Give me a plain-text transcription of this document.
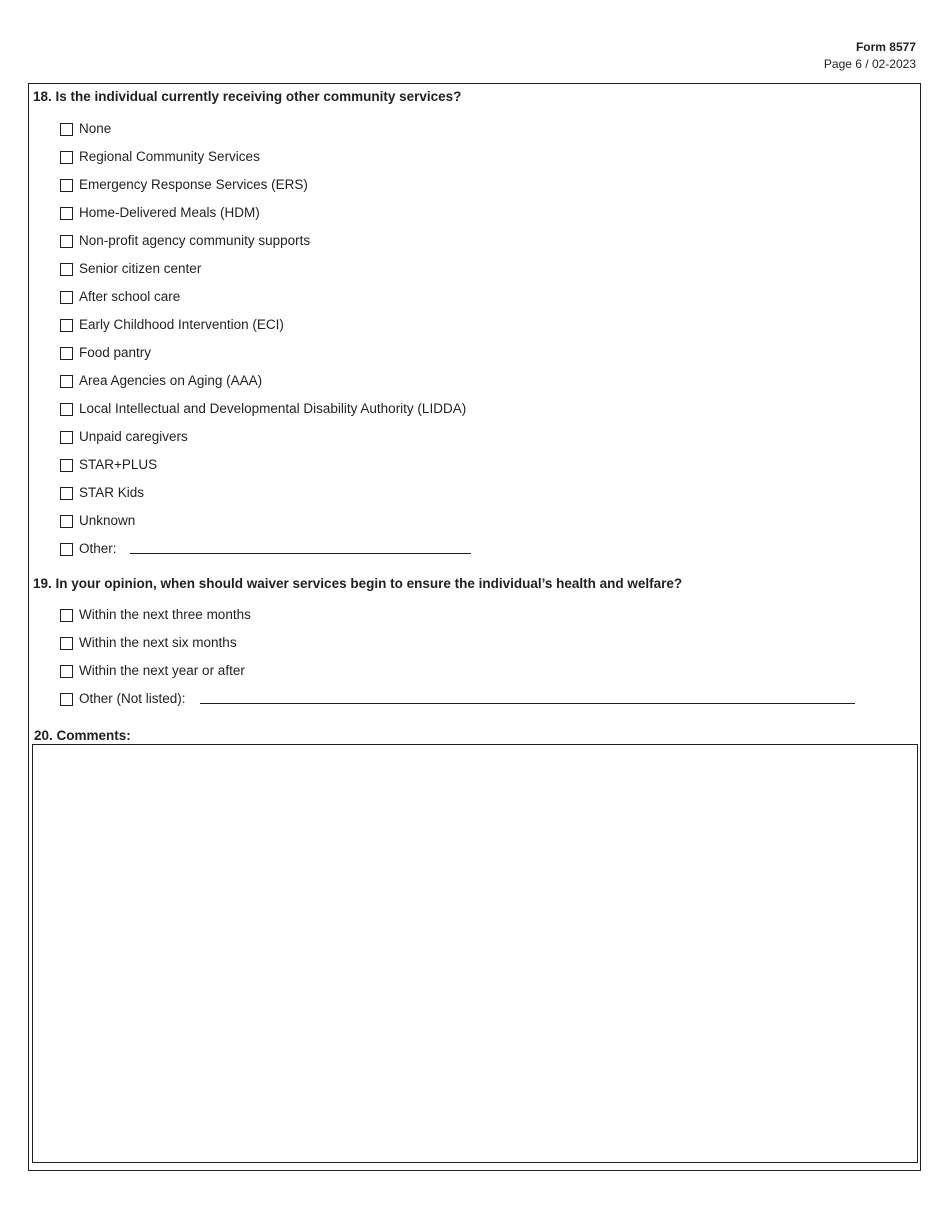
Form 8577
Page 6 / 02-2023
18. Is the individual currently receiving other community services?
None
Regional Community Services
Emergency Response Services (ERS)
Home-Delivered Meals (HDM)
Non-profit agency community supports
Senior citizen center
After school care
Early Childhood Intervention (ECI)
Food pantry
Area Agencies on Aging (AAA)
Local Intellectual and Developmental Disability Authority (LIDDA)
Unpaid caregivers
STAR+PLUS
STAR Kids
Unknown
Other:
19. In your opinion, when should waiver services begin to ensure the individual’s health and welfare?
Within the next three months
Within the next six months
Within the next year or after
Other (Not listed):
20. Comments:
